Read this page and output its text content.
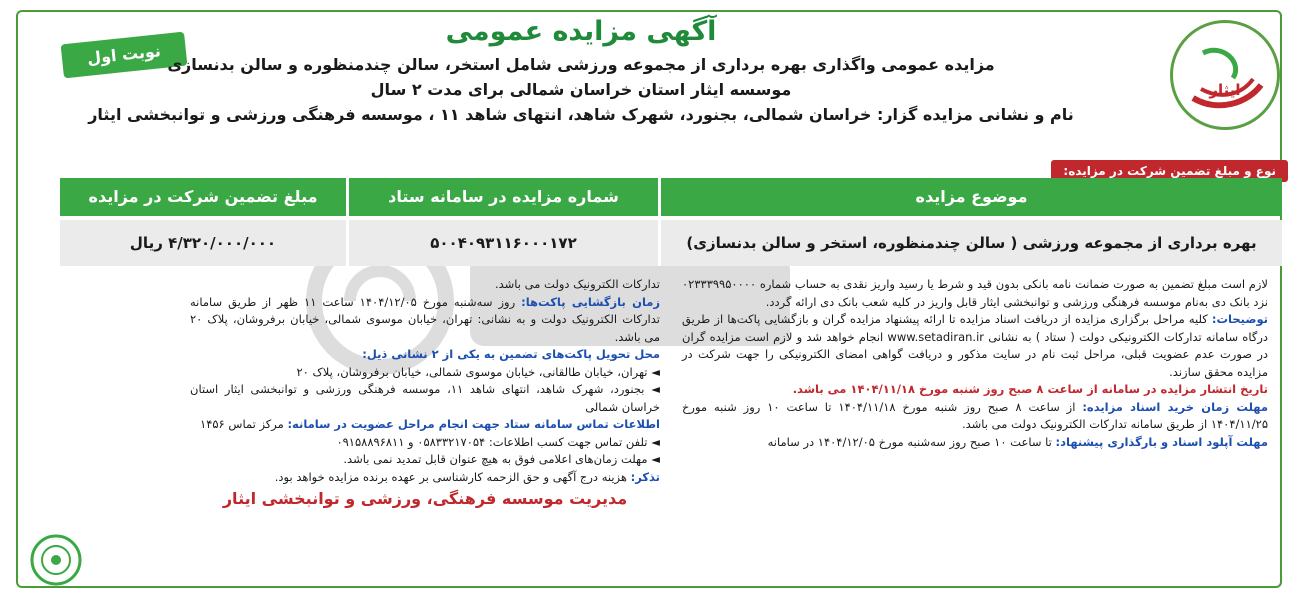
ایثار
نوبت اول

آگهی مزایده عمومی

مزایده عمومی واگذاری بهره برداری از مجموعه ورزشی شامل استخر، سالن چندمنظوره و سالن بدنسازی

موسسه ایثار استان خراسان شمالی برای مدت ۲ سال

نام و نشانی مزایده گزار: خراسان شمالی، بجنورد، شهرک شاهد، انتهای شاهد ۱۱ ، موسسه فرهنگی ورزشی و توانبخشی ایثار

نوع و مبلغ تضمین شرکت در مزایده:
موضوع مزایده
شماره مزایده در سامانه ستاد
مبلغ تضمین شرکت در مزایده
بهره برداری از مجموعه ورزشی ( سالن چندمنظوره، استخر و سالن بدنسازی)
۵۰۰۴۰۹۳۱۱۶۰۰۰۱۷۲
۴/۳۲۰/۰۰۰/۰۰۰ ریال

لازم است مبلغ تضمین به صورت ضمانت نامه بانکی بدون قید و شرط یا رسید واریز نقدی به حساب شماره ۰۲۳۳۳۹۹۵۰۰۰۰ نزد بانک دی به‌نام موسسه فرهنگی ورزشی و توانبخشی ایثار قابل واریز در کلیه شعب بانک دی ارائه گردد.

توضیحات: کلیه مراحل برگزاری مزایده از دریافت اسناد مزایده تا ارائه پیشنهاد مزایده گران و بازگشایی پاکت‌ها از طریق درگاه سامانه تدارکات الکترونیکی دولت ( ستاد ) به نشانی www.setadiran.ir انجام خواهد شد و لازم است مزایده گران در صورت عدم عضویت قبلی، مراحل ثبت نام در سایت مذکور و دریافت گواهی امضای الکترونیکی را جهت شرکت در مزایده محقق سازند.

تاریخ انتشار مزایده در سامانه از ساعت ۸ صبح روز شنبه مورخ ۱۴۰۴/۱۱/۱۸ می باشد.

مهلت زمان خرید اسناد مزایده: از ساعت ۸ صبح روز شنبه مورخ ۱۴۰۴/۱۱/۱۸ تا ساعت ۱۰ روز شنبه مورخ ۱۴۰۴/۱۱/۲۵ از طریق سامانه تدارکات الکترونیک دولت می باشد.

مهلت آپلود اسناد و بارگذاری پیشنهاد: تا ساعت ۱۰ صبح روز سه‌شنبه مورخ ۱۴۰۴/۱۲/۰۵ در سامانه

تدارکات الکترونیک دولت می باشد.

زمان بازگشایی پاکت‌ها: روز سه‌شنبه مورخ ۱۴۰۴/۱۲/۰۵ ساعت ۱۱ ظهر از طریق سامانه تدارکات الکترونیک دولت و به نشانی: تهران، خیابان موسوی شمالی، خیابان برفروشان، پلاک ۲۰ می باشد.

محل تحویل پاکت‌های تضمین به یکی از ۲ نشانی ذیل:

◄ تهران، خیابان طالقانی، خیابان موسوی شمالی، خیابان برفروشان، پلاک ۲۰

◄ بجنورد، شهرک شاهد، انتهای شاهد ۱۱، موسسه فرهنگی ورزشی و توانبخشی ایثار استان خراسان شمالی

اطلاعات تماس سامانه ستاد جهت انجام مراحل عضویت در سامانه: مرکز تماس ۱۴۵۶

◄ تلفن تماس جهت کسب اطلاعات: ۰۵۸۳۳۲۱۷۰۵۴ و ۰۹۱۵۸۸۹۶۸۱۱

◄ مهلت زمان‌های اعلامی فوق به هیچ عنوان قابل تمدید نمی باشد.

تذکر: هزینه درج آگهی و حق الزحمه کارشناسی بر عهده برنده مزایده خواهد بود.

مدیریت موسسه فرهنگی، ورزشی و توانبخشی ایثار
